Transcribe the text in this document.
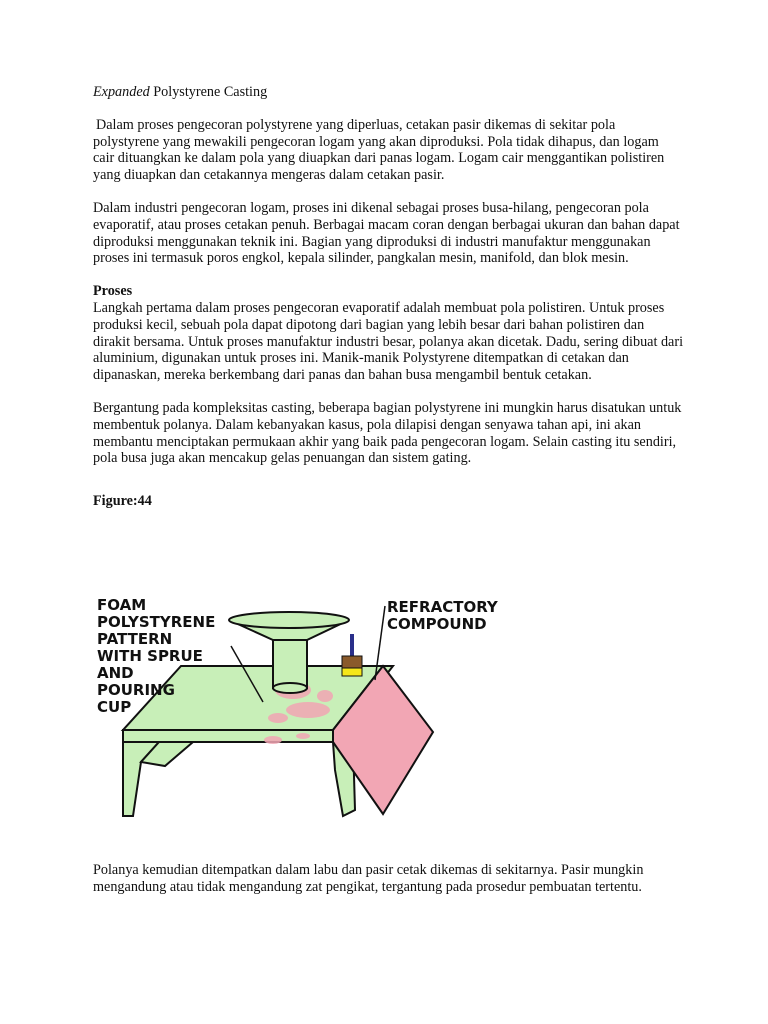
Expanded Polystyrene Casting

Dalam proses pengecoran polystyrene yang diperluas, cetakan pasir dikemas di sekitar pola polystyrene yang mewakili pengecoran logam yang akan diproduksi. Pola tidak dihapus, dan logam cair dituangkan ke dalam pola yang diuapkan dari panas logam. Logam cair menggantikan polistiren yang diuapkan dan cetakannya mengeras dalam cetakan pasir.

Dalam industri pengecoran logam, proses ini dikenal sebagai proses busa-hilang, pengecoran pola evaporatif, atau proses cetakan penuh. Berbagai macam coran dengan berbagai ukuran dan bahan dapat diproduksi menggunakan teknik ini. Bagian yang diproduksi di industri manufaktur menggunakan proses ini termasuk poros engkol, kepala silinder, pangkalan mesin, manifold, dan blok mesin.

Proses

Langkah pertama dalam proses pengecoran evaporatif adalah membuat pola polistiren. Untuk proses produksi kecil, sebuah pola dapat dipotong dari bagian yang lebih besar dari bahan polistiren dan dirakit bersama. Untuk proses manufaktur industri besar, polanya akan dicetak. Dadu, sering dibuat dari aluminium, digunakan untuk proses ini. Manik-manik Polystyrene ditempatkan di cetakan dan dipanaskan, mereka berkembang dari panas dan bahan busa mengambil bentuk cetakan.

Bergantung pada kompleksitas casting, beberapa bagian polystyrene ini mungkin harus disatukan untuk membentuk polanya. Dalam kebanyakan kasus, pola dilapisi dengan senyawa tahan api, ini akan membantu menciptakan permukaan akhir yang baik pada pengecoran logam. Selain casting itu sendiri, pola busa juga akan mencakup gelas penuangan dan sistem gating.

Figure:44

FOAM POLYSTYRENE PATTERN WITH SPRUE AND POURING CUP
REFRACTORY COMPOUND

Polanya kemudian ditempatkan dalam labu dan pasir cetak dikemas di sekitarnya. Pasir mungkin mengandung atau tidak mengandung zat pengikat, tergantung pada prosedur pembuatan tertentu.
